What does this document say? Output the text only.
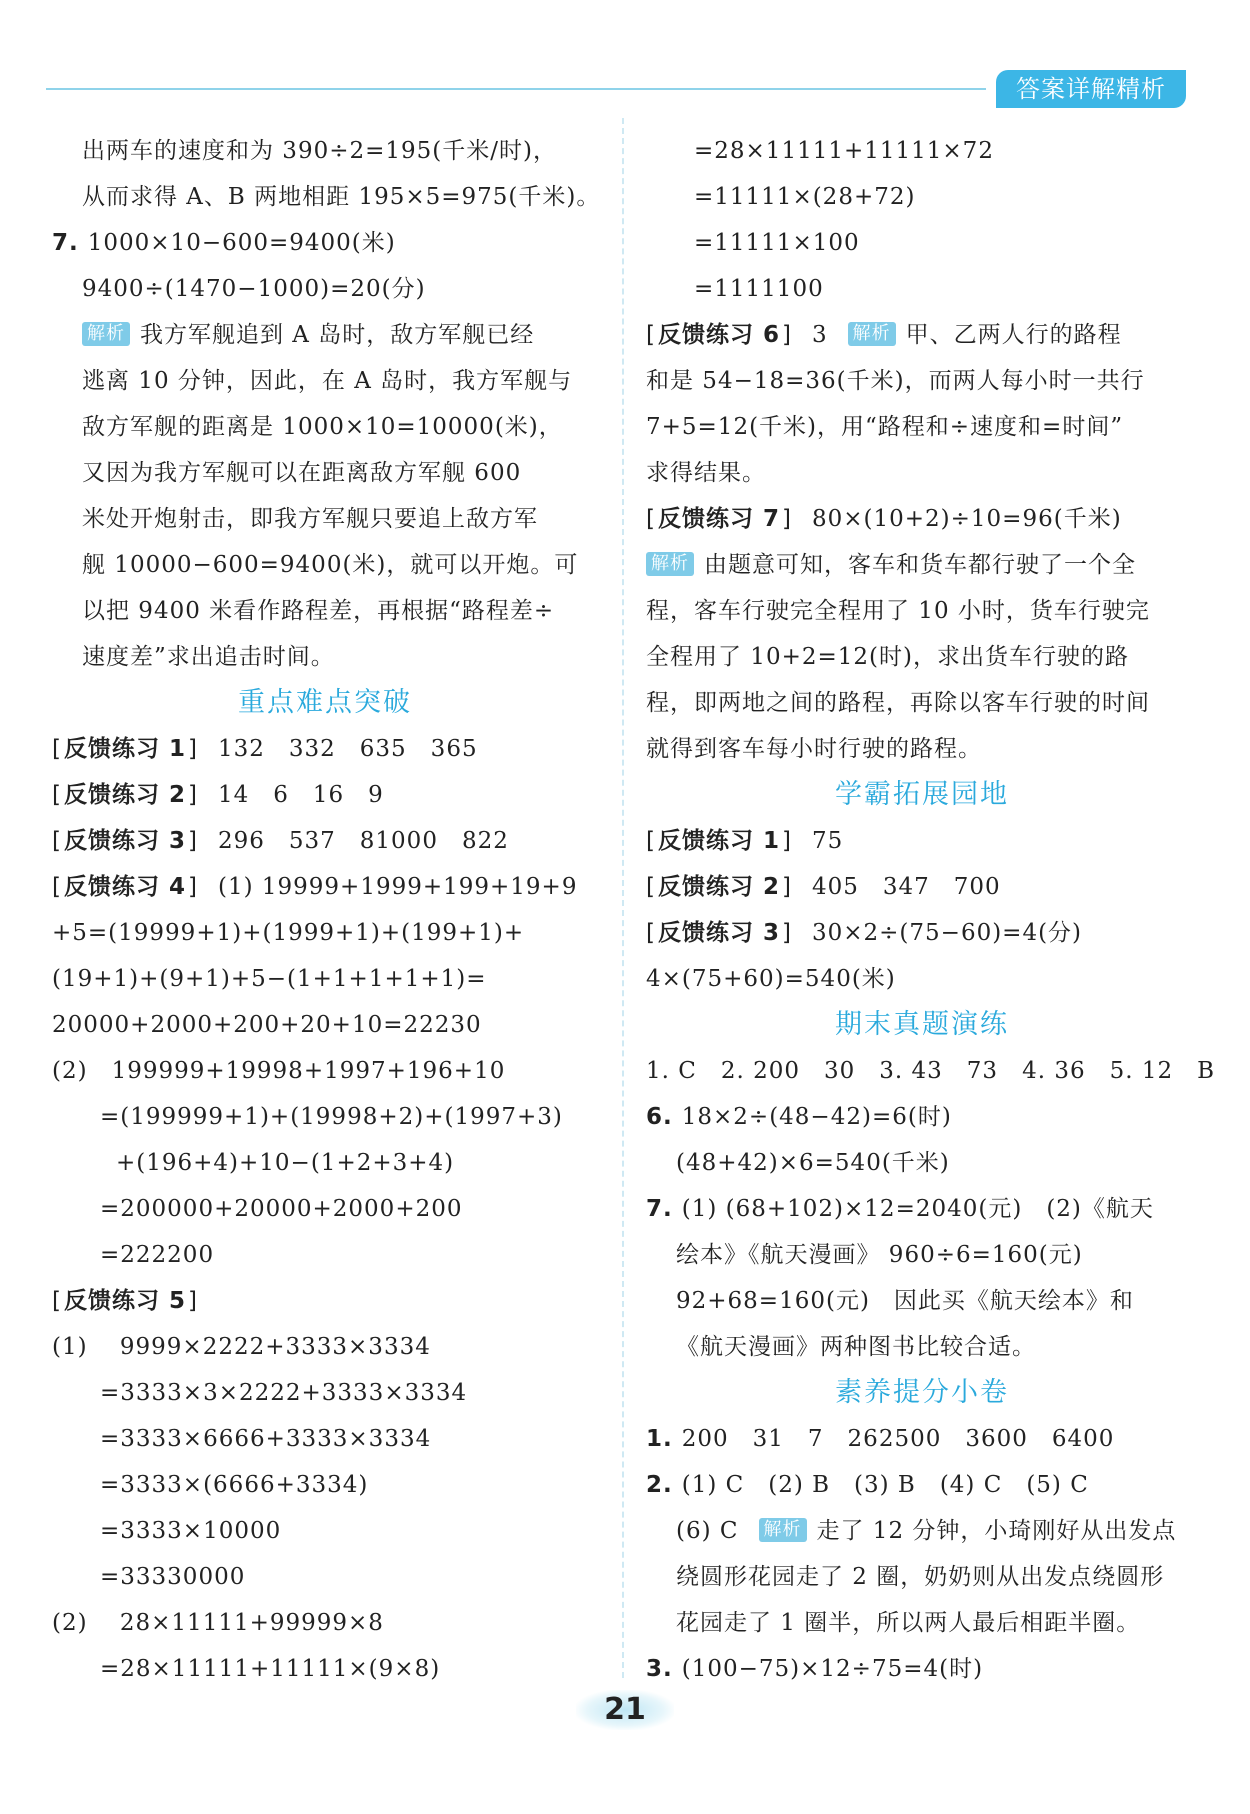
答案详解精析
出两车的速度和为 390÷2=195(千米/时)，
从而求得 A、B 两地相距 195×5=975(千米)。
7. 1000×10−600=9400(米)
9400÷(1470−1000)=20(分)
解析 我方军舰追到 A 岛时，敌方军舰已经
逃离 10 分钟，因此，在 A 岛时，我方军舰与
敌方军舰的距离是 1000×10=10000(米)，
又因为我方军舰可以在距离敌方军舰 600
米处开炮射击，即我方军舰只要追上敌方军
舰 10000−600=9400(米)，就可以开炮。可
以把 9400 米看作路程差，再根据“路程差÷
速度差”求出追击时间。
重点难点突破
[ 反馈练习 1 ] 132　332　635　365
[ 反馈练习 2 ] 14　6　16　9
[ 反馈练习 3 ] 296　537　81000　822
[ 反馈练习 4 ] (1) 19999+1999+199+19+9
+5=(19999+1)+(1999+1)+(199+1)+
(19+1)+(9+1)+5−(1+1+1+1+1)=
20000+2000+200+20+10=22230
(2)　199999+19998+1997+196+10
=(199999+1)+(19998+2)+(1997+3)
+(196+4)+10−(1+2+3+4)
=200000+20000+2000+200
=222200
[ 反馈练习 5 ]
(1)　 9999×2222+3333×3334
=3333×3×2222+3333×3334
=3333×6666+3333×3334
=3333×(6666+3334)
=3333×10000
=33330000
(2)　 28×11111+99999×8
=28×11111+11111×(9×8)
=28×11111+11111×72
=11111×(28+72)
=11111×100
=1111100
[ 反馈练习 6 ] 3 解析 甲、乙两人行的路程
和是 54−18=36(千米)，而两人每小时一共行
7+5=12(千米)，用“路程和÷速度和=时间”
求得结果。
[ 反馈练习 7 ] 80×(10+2)÷10=96(千米)
解析 由题意可知，客车和货车都行驶了一个全
程，客车行驶完全程用了 10 小时，货车行驶完
全程用了 10+2=12(时)，求出货车行驶的路
程，即两地之间的路程，再除以客车行驶的时间
就得到客车每小时行驶的路程。
学霸拓展园地
[ 反馈练习 1 ] 75
[ 反馈练习 2 ] 405　347　700
[ 反馈练习 3 ] 30×2÷(75−60)=4(分)
4×(75+60)=540(米)
期末真题演练
1. C　2. 200　30　3. 43　73　4. 36　5. 12　B
6. 18×2÷(48−42)=6(时)
(48+42)×6=540(千米)
7. (1) (68+102)×12=2040(元)　(2)《航天
绘本》《航天漫画》 960÷6=160(元)
92+68=160(元)　因此买《航天绘本》和
《航天漫画》两种图书比较合适。
素养提分小卷
1. 200　31　7　262500　3600　6400
2. (1) C　(2) B　(3) B　(4) C　(5) C
(6) C 解析 走了 12 分钟，小琦刚好从出发点
绕圆形花园走了 2 圈，奶奶则从出发点绕圆形
花园走了 1 圈半，所以两人最后相距半圈。
3. (100−75)×12÷75=4(时)
21
